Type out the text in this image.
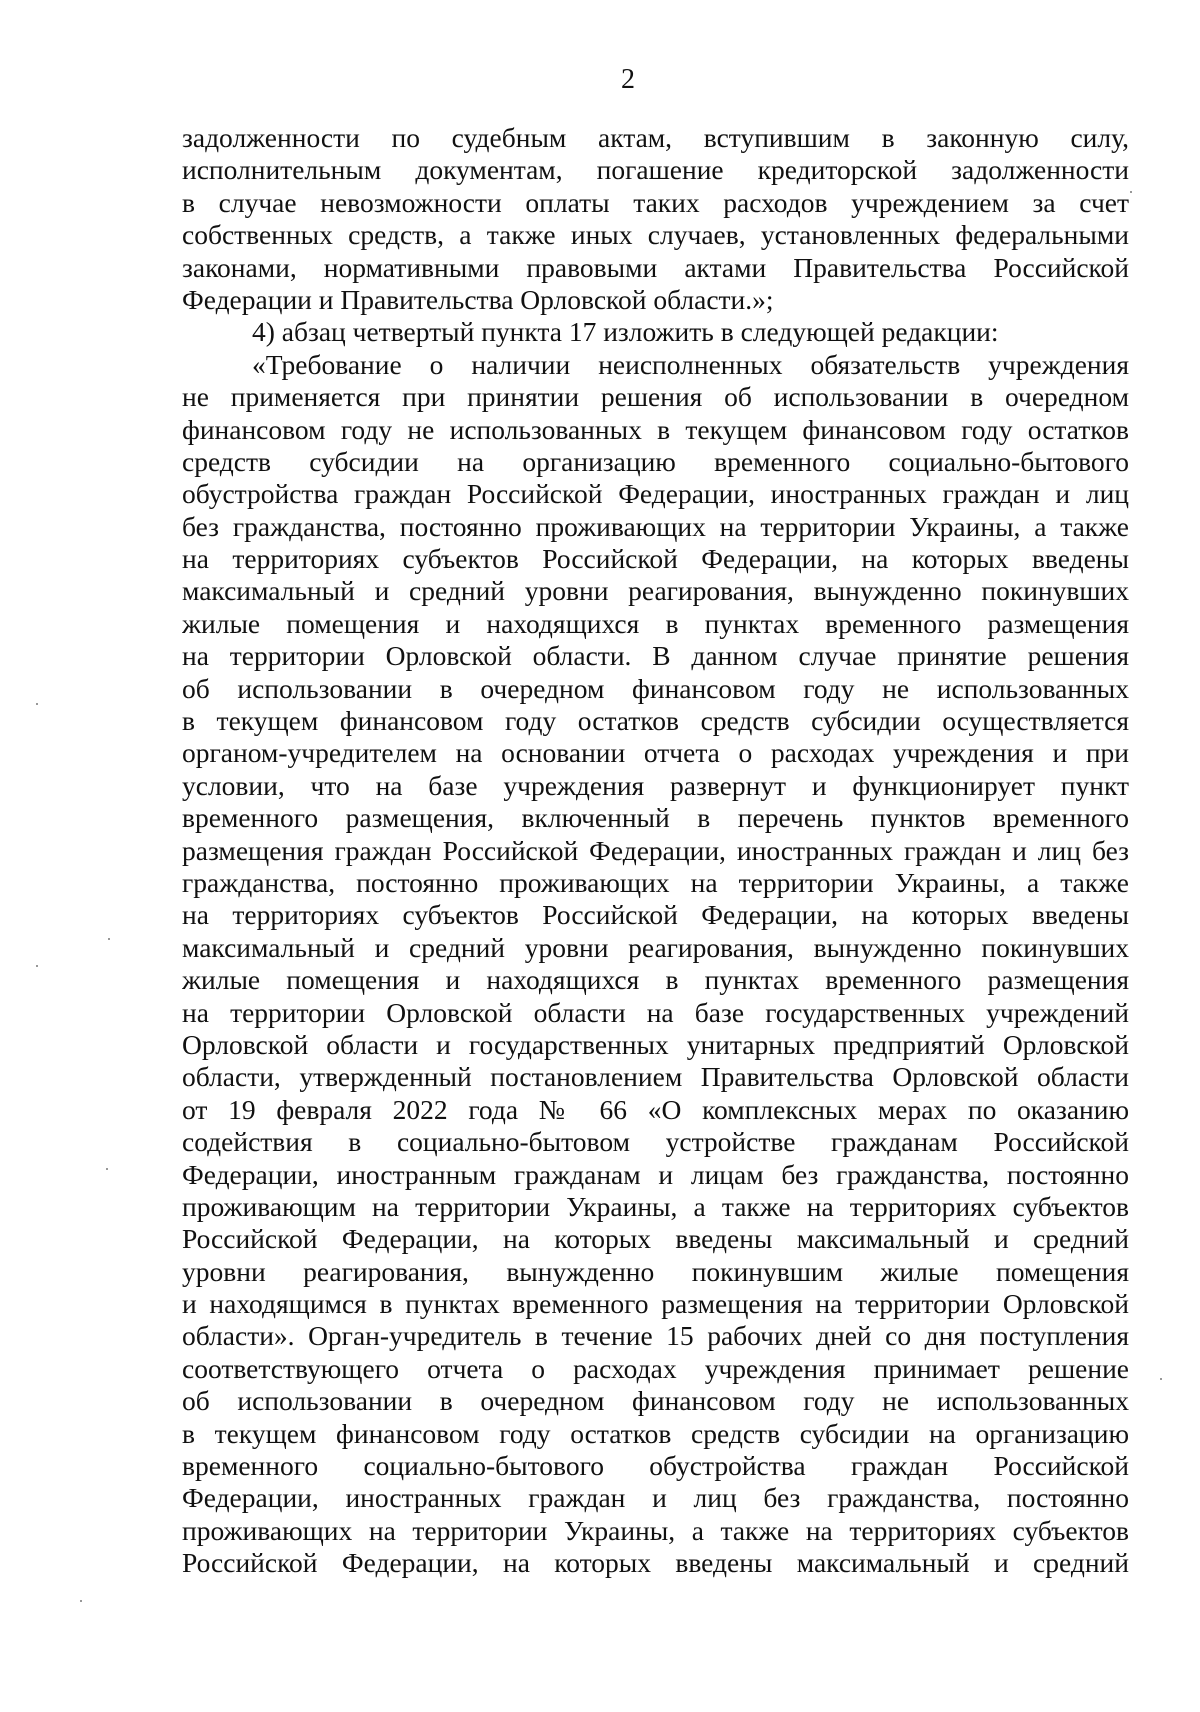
2
задолженности по судебным актам, вступившим в законную силу,
исполнительным документам, погашение кредиторской задолженности
в случае невозможности оплаты таких расходов учреждением за счет
собственных средств, а также иных случаев, установленных федеральными
законами, нормативными правовыми актами Правительства Российской
Федерации и Правительства Орловской области.»;
4) абзац четвертый пункта 17 изложить в следующей редакции:
«Требование о наличии неисполненных обязательств учреждения
не применяется при принятии решения об использовании в очередном
финансовом году не использованных в текущем финансовом году остатков
средств субсидии на организацию временного социально-бытового
обустройства граждан Российской Федерации, иностранных граждан и лиц
без гражданства, постоянно проживающих на территории Украины, а также
на территориях субъектов Российской Федерации, на которых введены
максимальный и средний уровни реагирования, вынужденно покинувших
жилые помещения и находящихся в пунктах временного размещения
на территории Орловской области. В данном случае принятие решения
об использовании в очередном финансовом году не использованных
в текущем финансовом году остатков средств субсидии осуществляется
органом-учредителем на основании отчета о расходах учреждения и при
условии, что на базе учреждения развернут и функционирует пункт
временного размещения, включенный в перечень пунктов временного
размещения граждан Российской Федерации, иностранных граждан и лиц без
гражданства, постоянно проживающих на территории Украины, а также
на территориях субъектов Российской Федерации, на которых введены
максимальный и средний уровни реагирования, вынужденно покинувших
жилые помещения и находящихся в пунктах временного размещения
на территории Орловской области на базе государственных учреждений
Орловской области и государственных унитарных предприятий Орловской
области, утвержденный постановлением Правительства Орловской области
от 19 февраля 2022 года № 66 «О комплексных мерах по оказанию
содействия в социально-бытовом устройстве гражданам Российской
Федерации, иностранным гражданам и лицам без гражданства, постоянно
проживающим на территории Украины, а также на территориях субъектов
Российской Федерации, на которых введены максимальный и средний
уровни реагирования, вынужденно покинувшим жилые помещения
и находящимся в пунктах временного размещения на территории Орловской
области». Орган-учредитель в течение 15 рабочих дней со дня поступления
соответствующего отчета о расходах учреждения принимает решение
об использовании в очередном финансовом году не использованных
в текущем финансовом году остатков средств субсидии на организацию
временного социально-бытового обустройства граждан Российской
Федерации, иностранных граждан и лиц без гражданства, постоянно
проживающих на территории Украины, а также на территориях субъектов
Российской Федерации, на которых введены максимальный и средний
